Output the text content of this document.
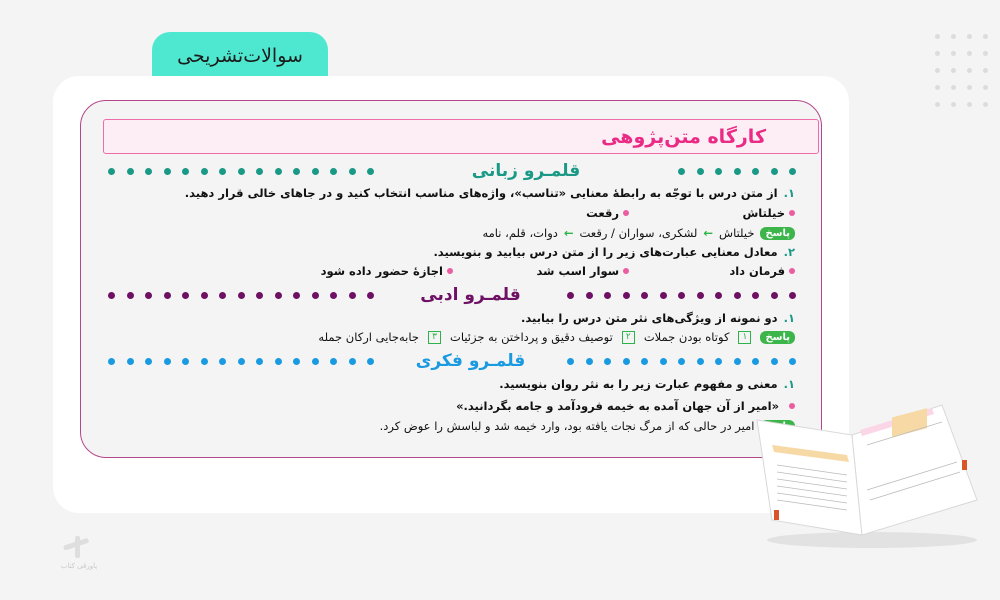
سوالات‌تشریحی
کارگاه متن‌پژوهی
قلمـرو زبانی
۱.
از متن درس با توجّه به رابطهٔ معنایی «تناسب»، واژه‌های مناسب انتخاب کنید و در جاهای خالی قرار دهید.
خیلتاش
رقعت
پاسخ
خیلتاش
←
لشکری، سواران / رقعت
←
دوات، قلم، نامه
۲.
معادل معنایی عبارت‌های زیر را از متن درس بیابید و بنویسید.
فرمان داد
سوار اسب شد
اجازهٔ حضور داده شود
قلمـرو ادبی
۱.
دو نمونه از ویژگی‌های نثر متن درس را بیابید.
پاسخ
۱
کوتاه بودن جملات
۲
توصیف دقیق و پرداختن به جزئیات
۳
جابه‌جایی ارکان جمله
قلمـرو فکری
۱.
معنی و مفهوم عبارت زیر را به نثر روان بنویسید.
«امیر از آن جهان آمده به خیمه فرودآمد و جامه بگردانید.»
امیر در حالی که از مرگ نجات یافته بود، وارد خیمه شد و لباسش را عوض کرد.
پاورقی کتاب
